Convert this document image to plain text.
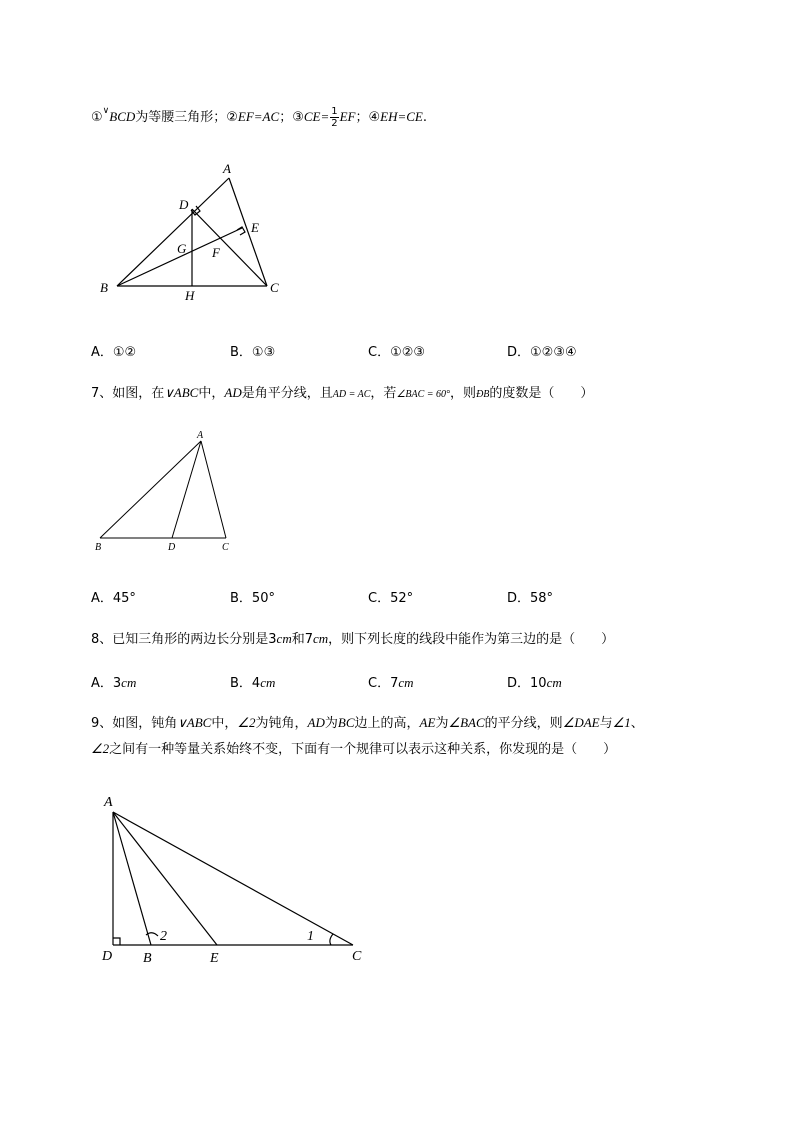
①∨BCD为等腰三角形；②EF=AC；③CE= $\frac{1}{2}$ EF；④EH=CE.
A
D
E
G F
B
H
C
A．①②	B．①③	C．①②③	D．①②③④
7、如图，在∨ABC中，AD是角平分线，且AD = AC，若∠BAC = 60°，则ÐB的度数是（　　）
A
B	D	C
A．45°	B．50°	C．52°	D．58°
8、已知三角形的两边长分别是3cm和7cm，则下列长度的线段中能作为第三边的是（　　）
A．3cm	B．4cm	C．7cm	D．10cm
9、如图，钝角∨ABC中，∠2为钝角，AD为BC边上的高，AE为∠BAC的平分线，则∠DAE与∠1、
∠2之间有一种等量关系始终不变，下面有一个规律可以表示这种关系，你发现的是（　　）
A
2	1
D B	E	C
